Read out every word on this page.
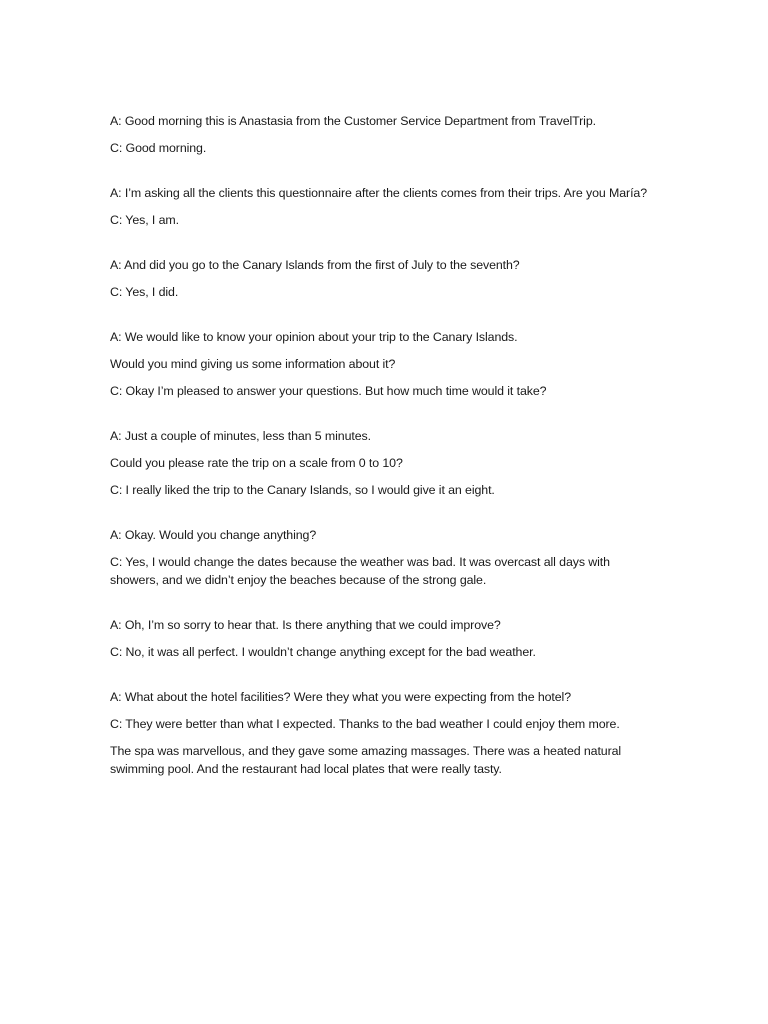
A: Good morning this is Anastasia from the Customer Service Department from TravelTrip.

C: Good morning.

A: I’m asking all the clients this questionnaire after the clients comes from their trips. Are you María?

C: Yes, I am.

A: And did you go to the Canary Islands from the first of July to the seventh?

C: Yes, I did.

A: We would like to know your opinion about your trip to the Canary Islands.

Would you mind giving us some information about it?

C: Okay I’m pleased to answer your questions. But how much time would it take?

A: Just a couple of minutes, less than 5 minutes.

Could you please rate the trip on a scale from 0 to 10?

C: I really liked the trip to the Canary Islands, so I would give it an eight.

A: Okay. Would you change anything?

C: Yes, I would change the dates because the weather was bad. It was overcast all days with showers, and we didn’t enjoy the beaches because of the strong gale.

A: Oh, I’m so sorry to hear that. Is there anything that we could improve?

C: No, it was all perfect. I wouldn’t change anything except for the bad weather.

A: What about the hotel facilities? Were they what you were expecting from the hotel?

C: They were better than what I expected. Thanks to the bad weather I could enjoy them more.

The spa was marvellous, and they gave some amazing massages. There was a heated natural swimming pool. And the restaurant had local plates that were really tasty.
